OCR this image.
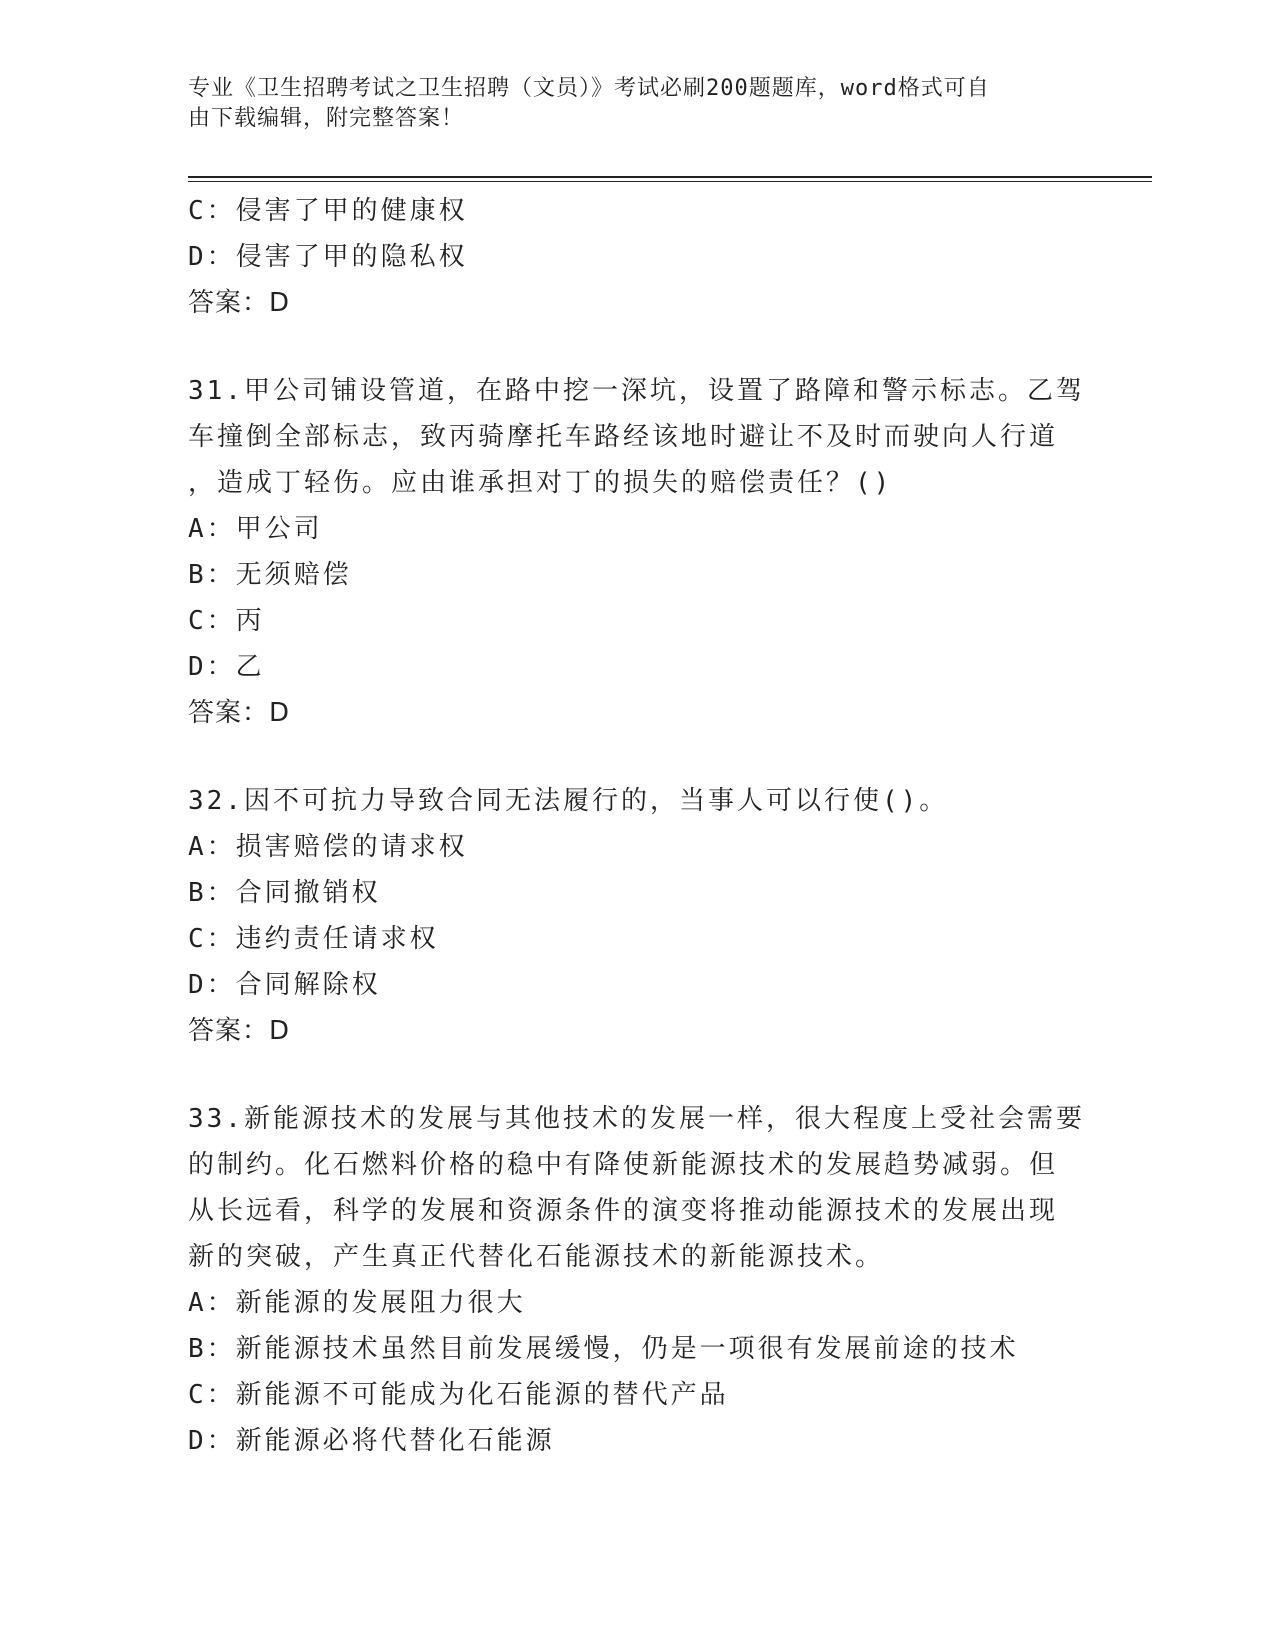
专业《卫生招聘考试之卫生招聘（文员）》考试必刷200题题库，word格式可自
由下载编辑，附完整答案！
C：侵害了甲的健康权
D：侵害了甲的隐私权
答案：D
31.甲公司铺设管道，在路中挖一深坑，设置了路障和警示标志。乙驾
车撞倒全部标志，致丙骑摩托车路经该地时避让不及时而驶向人行道
，造成丁轻伤。应由谁承担对丁的损失的赔偿责任？()
A：甲公司
B：无须赔偿
C：丙
D：乙
答案：D
32.因不可抗力导致合同无法履行的，当事人可以行使()。
A：损害赔偿的请求权
B：合同撤销权
C：违约责任请求权
D：合同解除权
答案：D
33.新能源技术的发展与其他技术的发展一样，很大程度上受社会需要
的制约。化石燃料价格的稳中有降使新能源技术的发展趋势减弱。但
从长远看，科学的发展和资源条件的演变将推动能源技术的发展出现
新的突破，产生真正代替化石能源技术的新能源技术。
A：新能源的发展阻力很大
B：新能源技术虽然目前发展缓慢，仍是一项很有发展前途的技术
C：新能源不可能成为化石能源的替代产品
D：新能源必将代替化石能源
